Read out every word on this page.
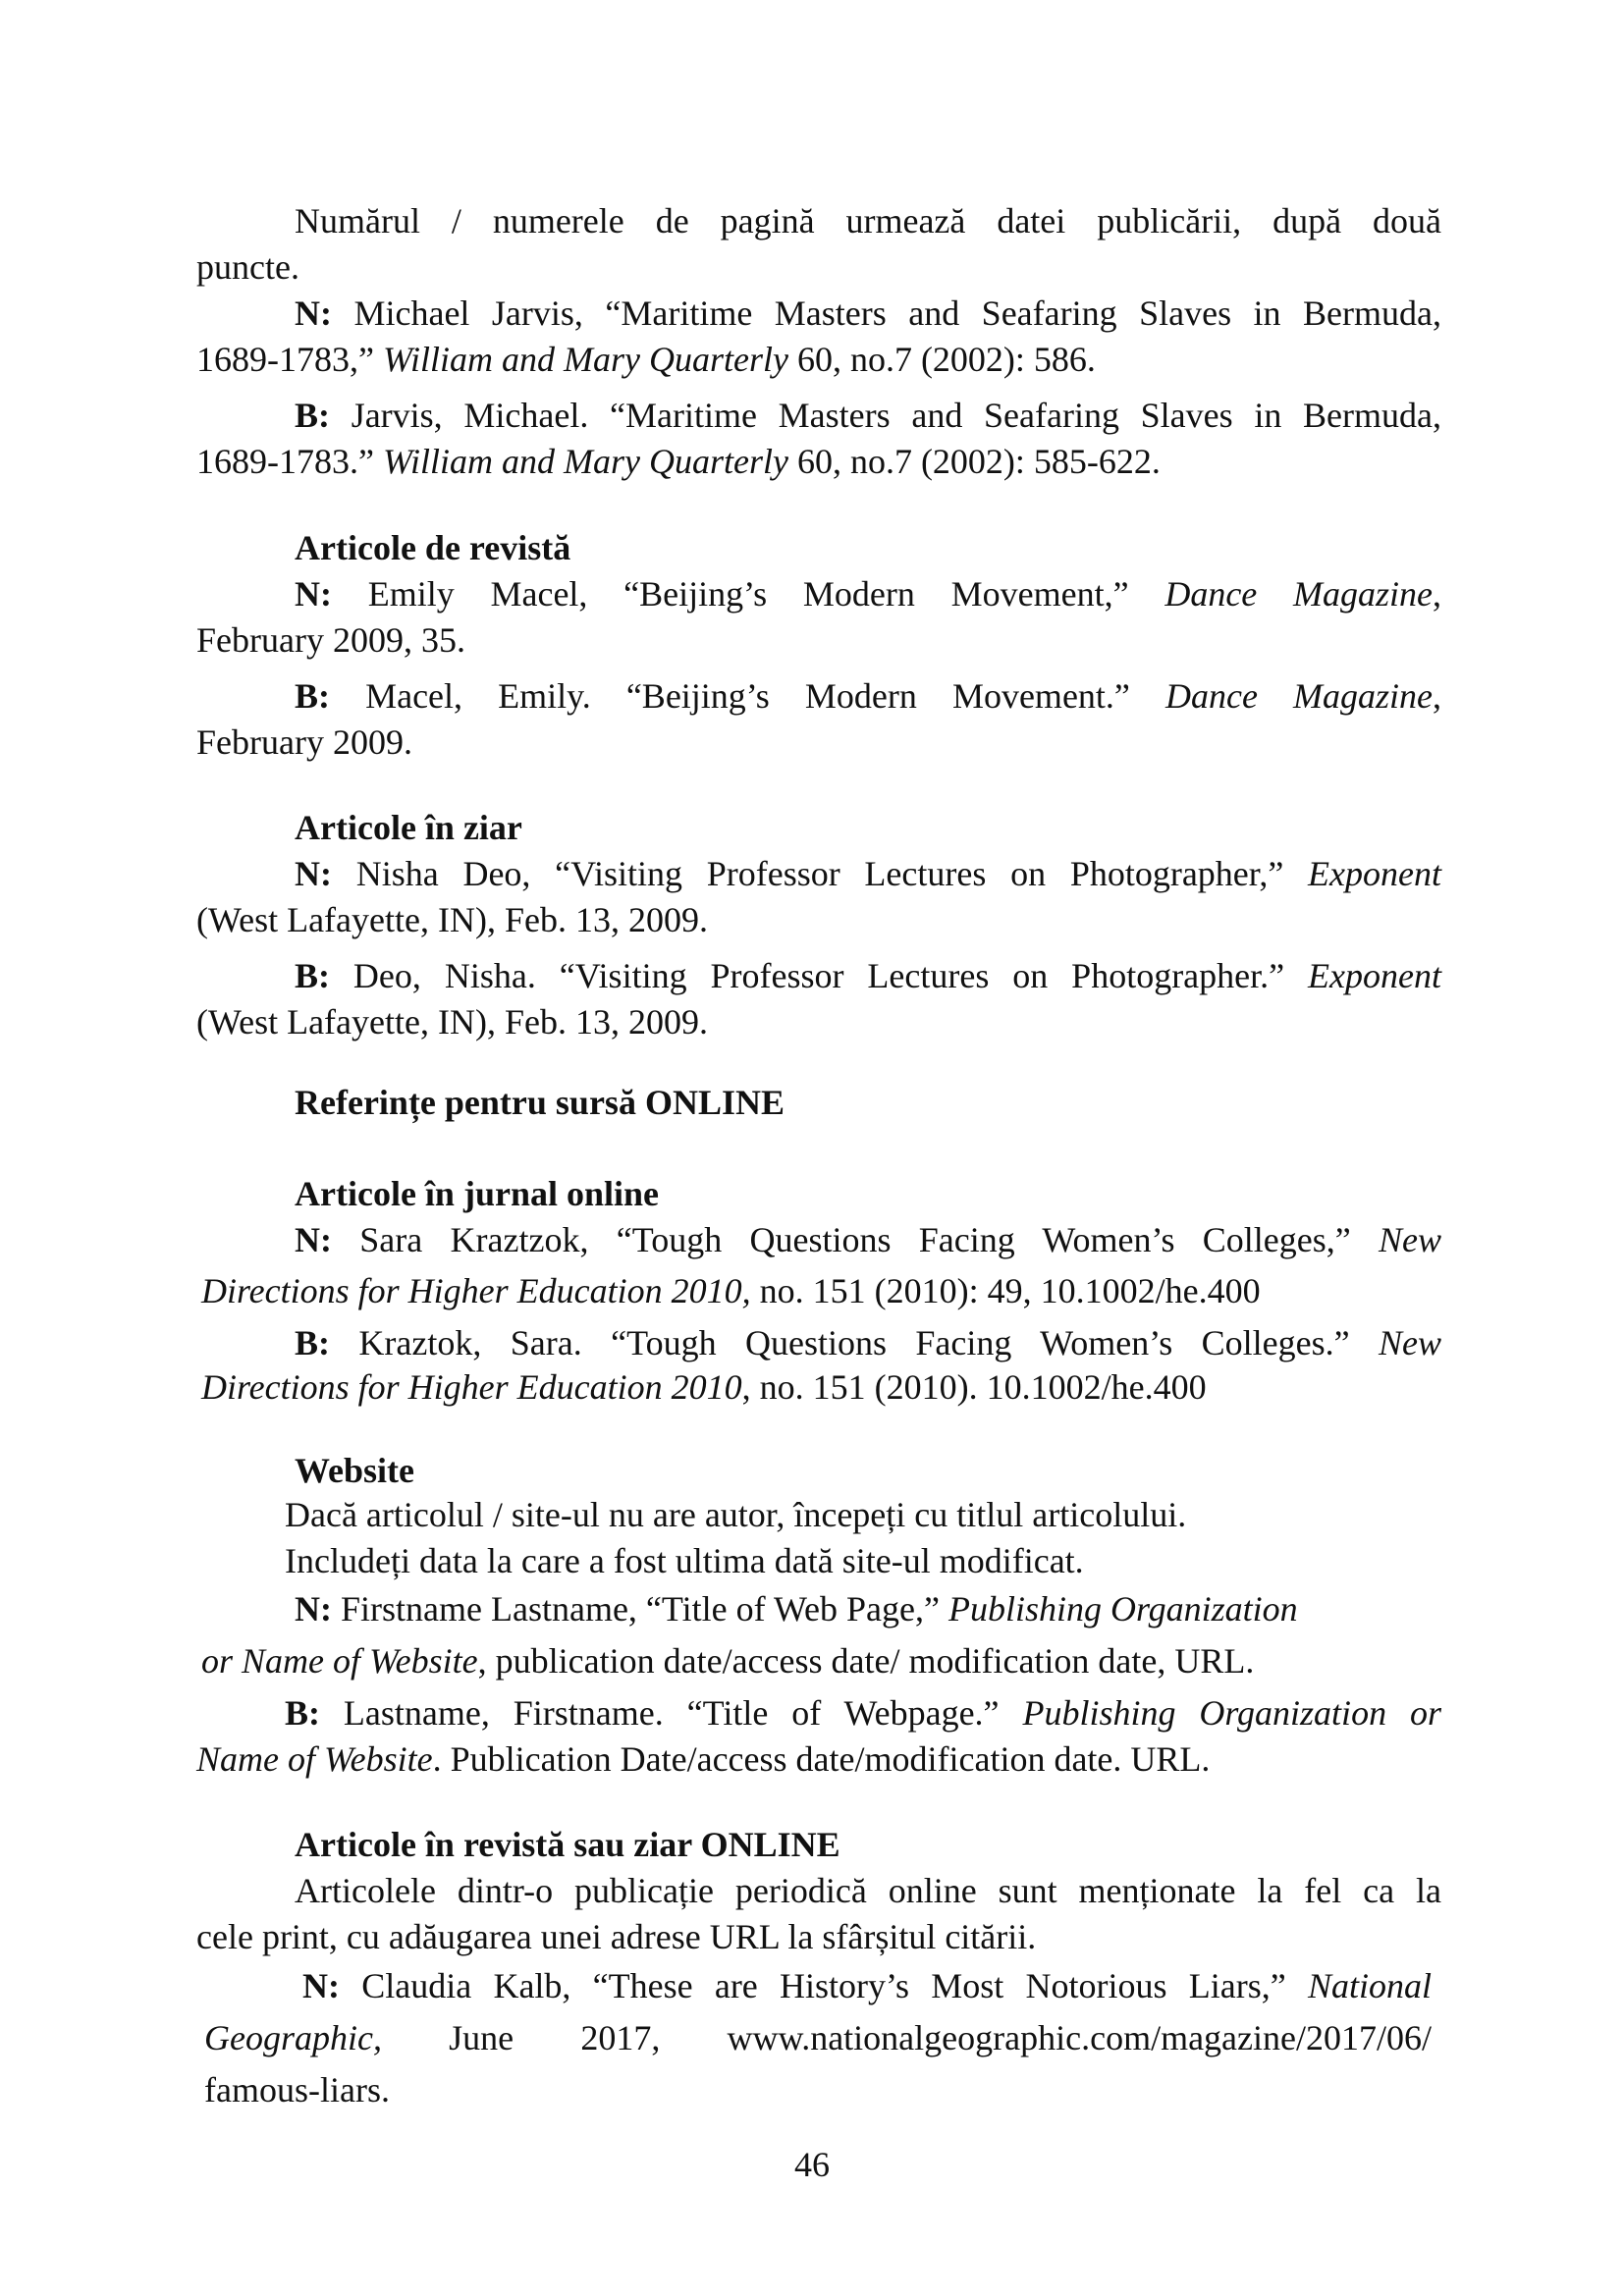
Numărul / numerele de pagină urmează datei publicării, după două
puncte.
N: Michael Jarvis, “Maritime Masters and Seafaring Slaves in Bermuda,
1689-1783,” William and Mary Quarterly 60, no.7 (2002): 586.
B: Jarvis, Michael. “Maritime Masters and Seafaring Slaves in Bermuda,
1689-1783.” William and Mary Quarterly 60, no.7 (2002): 585-622.
Articole de revistă
N: Emily Macel, “Beijing’s Modern Movement,” Dance Magazine,
February 2009, 35.
B: Macel, Emily. “Beijing’s Modern Movement.” Dance Magazine,
February 2009.
Articole în ziar
N: Nisha Deo, “Visiting Professor Lectures on Photographer,” Exponent
(West Lafayette, IN), Feb. 13, 2009.
B: Deo, Nisha. “Visiting Professor Lectures on Photographer.” Exponent
(West Lafayette, IN), Feb. 13, 2009.
Referințe pentru sursă ONLINE
Articole în jurnal online
N: Sara Kraztzok, “Tough Questions Facing Women’s Colleges,” New
Directions for Higher Education 2010, no. 151 (2010): 49, 10.1002/he.400
B: Kraztok, Sara. “Tough Questions Facing Women’s Colleges.” New
Directions for Higher Education 2010, no. 151 (2010). 10.1002/he.400
Website
Dacă articolul / site-ul nu are autor, începeți cu titlul articolului.
Includeți data la care a fost ultima dată site-ul modificat.
N: Firstname Lastname, “Title of Web Page,” Publishing Organization
or Name of Website, publication date/access date/ modification date, URL.
B: Lastname, Firstname. “Title of Webpage.” Publishing Organization or
Name of Website. Publication Date/access date/modification date. URL.
Articole în revistă sau ziar ONLINE
Articolele dintr-o publicație periodică online sunt menționate la fel ca la
cele print, cu adăugarea unei adrese URL la sfârșitul citării.
N: Claudia Kalb, “These are History’s Most Notorious Liars,” National
Geographic, June 2017, www.nationalgeographic.com/magazine/2017/06/
famous-liars.
46
